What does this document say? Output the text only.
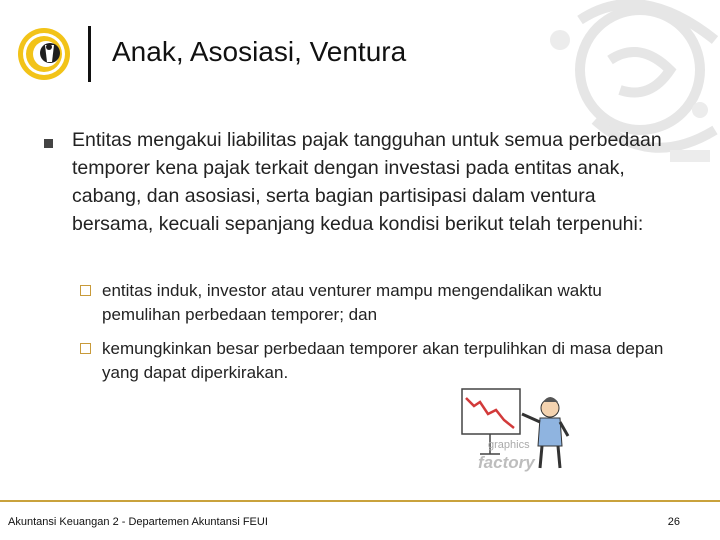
Anak, Asosiasi, Ventura
Entitas mengakui liabilitas pajak tangguhan untuk semua perbedaan temporer kena pajak terkait dengan investasi pada entitas anak, cabang, dan asosiasi, serta bagian partisipasi dalam ventura bersama, kecuali sepanjang kedua kondisi berikut telah terpenuhi:
entitas induk, investor atau venturer mampu mengendalikan waktu pemulihan perbedaan temporer; dan
kemungkinkan besar perbedaan temporer akan terpulihkan di masa depan yang dapat diperkirakan.
graphics
factory
Akuntansi Keuangan 2 - Departemen Akuntansi FEUI	26
